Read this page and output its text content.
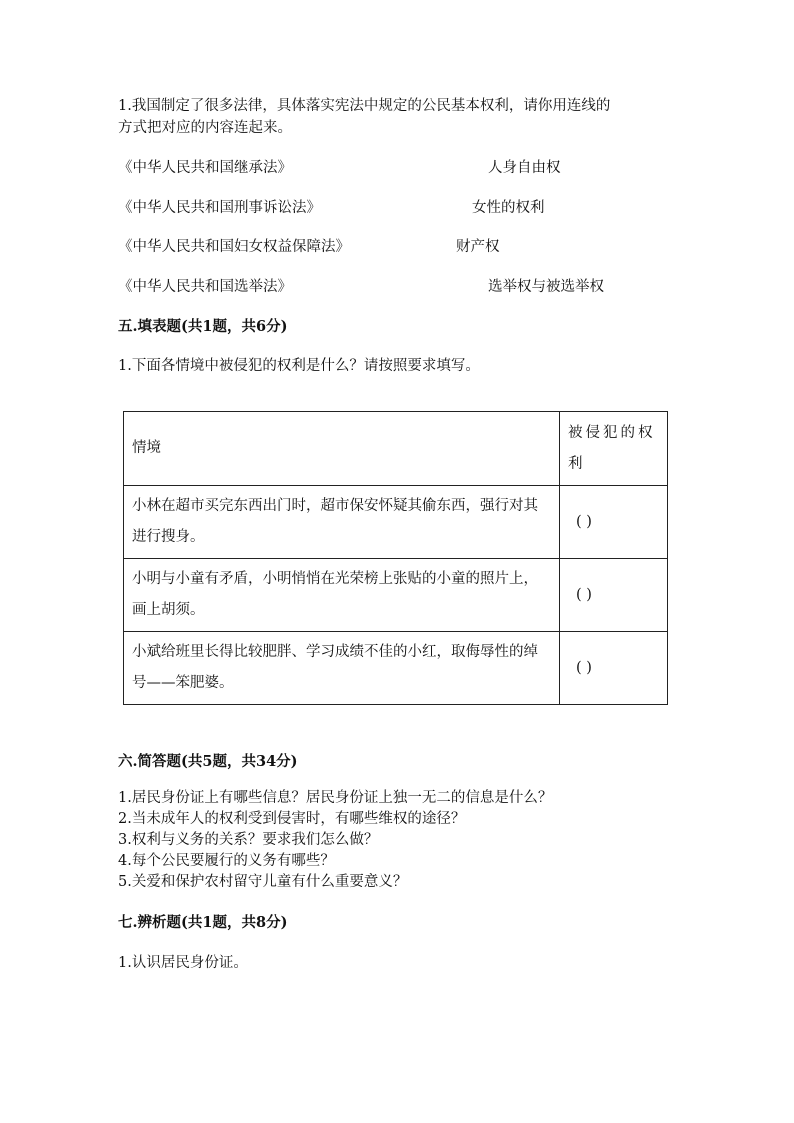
1.我国制定了很多法律，具体落实宪法中规定的公民基本权利，请你用连线的
方式把对应的内容连起来。
《中华人民共和国继承法》
《中华人民共和国刑事诉讼法》
《中华人民共和国妇女权益保障法》
《中华人民共和国选举法》
人身自由权
女性的权利
财产权
选举权与被选举权
五.填表题(共1题，共6分)
1.下面各情境中被侵犯的权利是什么？请按照要求填写。
情境	被侵犯的权利
小林在超市买完东西出门时，超市保安怀疑其偷东西，强行对其进行搜身。	( )
小明与小童有矛盾，小明悄悄在光荣榜上张贴的小童的照片上，画上胡须。	( )
小斌给班里长得比较肥胖、学习成绩不佳的小红，取侮辱性的绰号——笨肥婆。	( )
六.简答题(共5题，共34分)
1.居民身份证上有哪些信息？居民身份证上独一无二的信息是什么？
2.当未成年人的权利受到侵害时，有哪些维权的途径？
3.权利与义务的关系？要求我们怎么做？
4.每个公民要履行的义务有哪些？
5.关爱和保护农村留守儿童有什么重要意义？
七.辨析题(共1题，共8分)
1.认识居民身份证。
